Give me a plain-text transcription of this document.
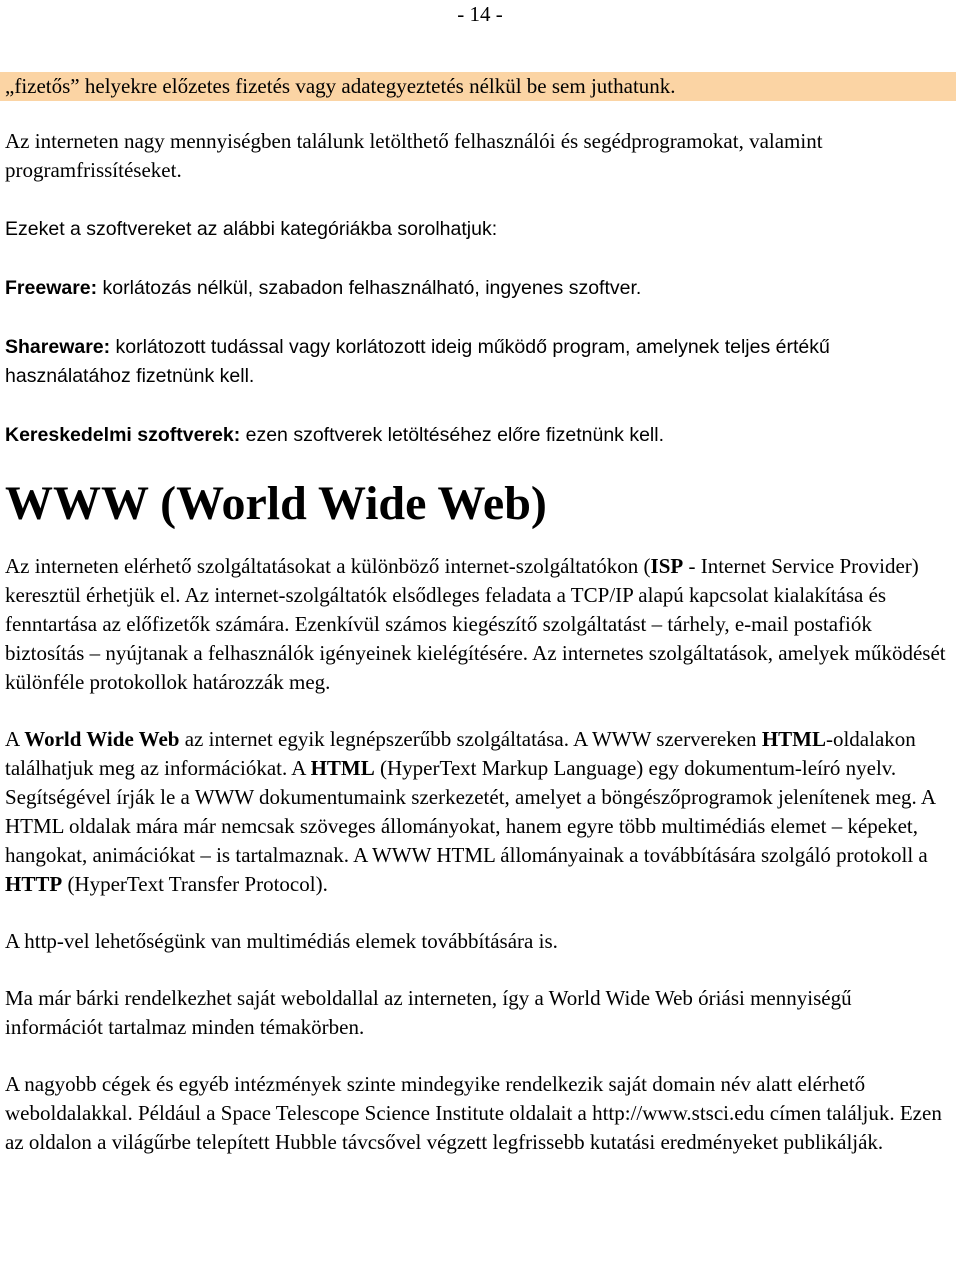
- 14 -
„fizetős” helyekre előzetes fizetés vagy adategyeztetés nélkül be sem juthatunk.

Az interneten nagy mennyiségben találunk letölthető felhasználói és segédprogramokat, valamint programfrissítéseket.

Ezeket a szoftvereket az alábbi kategóriákba sorolhatjuk:

Freeware: korlátozás nélkül, szabadon felhasználható, ingyenes szoftver.

Shareware: korlátozott tudással vagy korlátozott ideig működő program, amelynek teljes értékű használatához fizetnünk kell.

Kereskedelmi szoftverek: ezen szoftverek letöltéséhez előre fizetnünk kell.

WWW (World Wide Web)

Az interneten elérhető szolgáltatásokat a különböző internet-szolgáltatókon (ISP - Internet Service Provider) keresztül érhetjük el. Az internet-szolgáltatók elsődleges feladata a TCP/IP alapú kapcsolat kialakítása és fenntartása az előfizetők számára. Ezenkívül számos kiegészítő szolgáltatást – tárhely, e-mail postafiók biztosítás – nyújtanak a felhasználók igényeinek kielégítésére. Az internetes szolgáltatások, amelyek működését különféle protokollok határozzák meg.

A World Wide Web az internet egyik legnépszerűbb szolgáltatása. A WWW szervereken HTML-oldalakon találhatjuk meg az információkat. A HTML (HyperText Markup Language) egy dokumentum-leíró nyelv. Segítségével írják le a WWW dokumentumaink szerkezetét, amelyet a böngészőprogramok jelenítenek meg. A HTML oldalak mára már nemcsak szöveges állományokat, hanem egyre több multimédiás elemet – képeket, hangokat, animációkat – is tartalmaznak. A WWW HTML állományainak a továbbítására szolgáló protokoll a HTTP (HyperText Transfer Protocol).

A http-vel lehetőségünk van multimédiás elemek továbbítására is.

Ma már bárki rendelkezhet saját weboldallal az interneten, így a World Wide Web óriási mennyiségű információt tartalmaz minden témakörben.

A nagyobb cégek és egyéb intézmények szinte mindegyike rendelkezik saját domain név alatt elérhető weboldalakkal. Például a Space Telescope Science Institute oldalait a http://www.stsci.edu címen találjuk. Ezen az oldalon a világűrbe telepített Hubble távcsővel végzett legfrissebb kutatási eredményeket publikálják.
